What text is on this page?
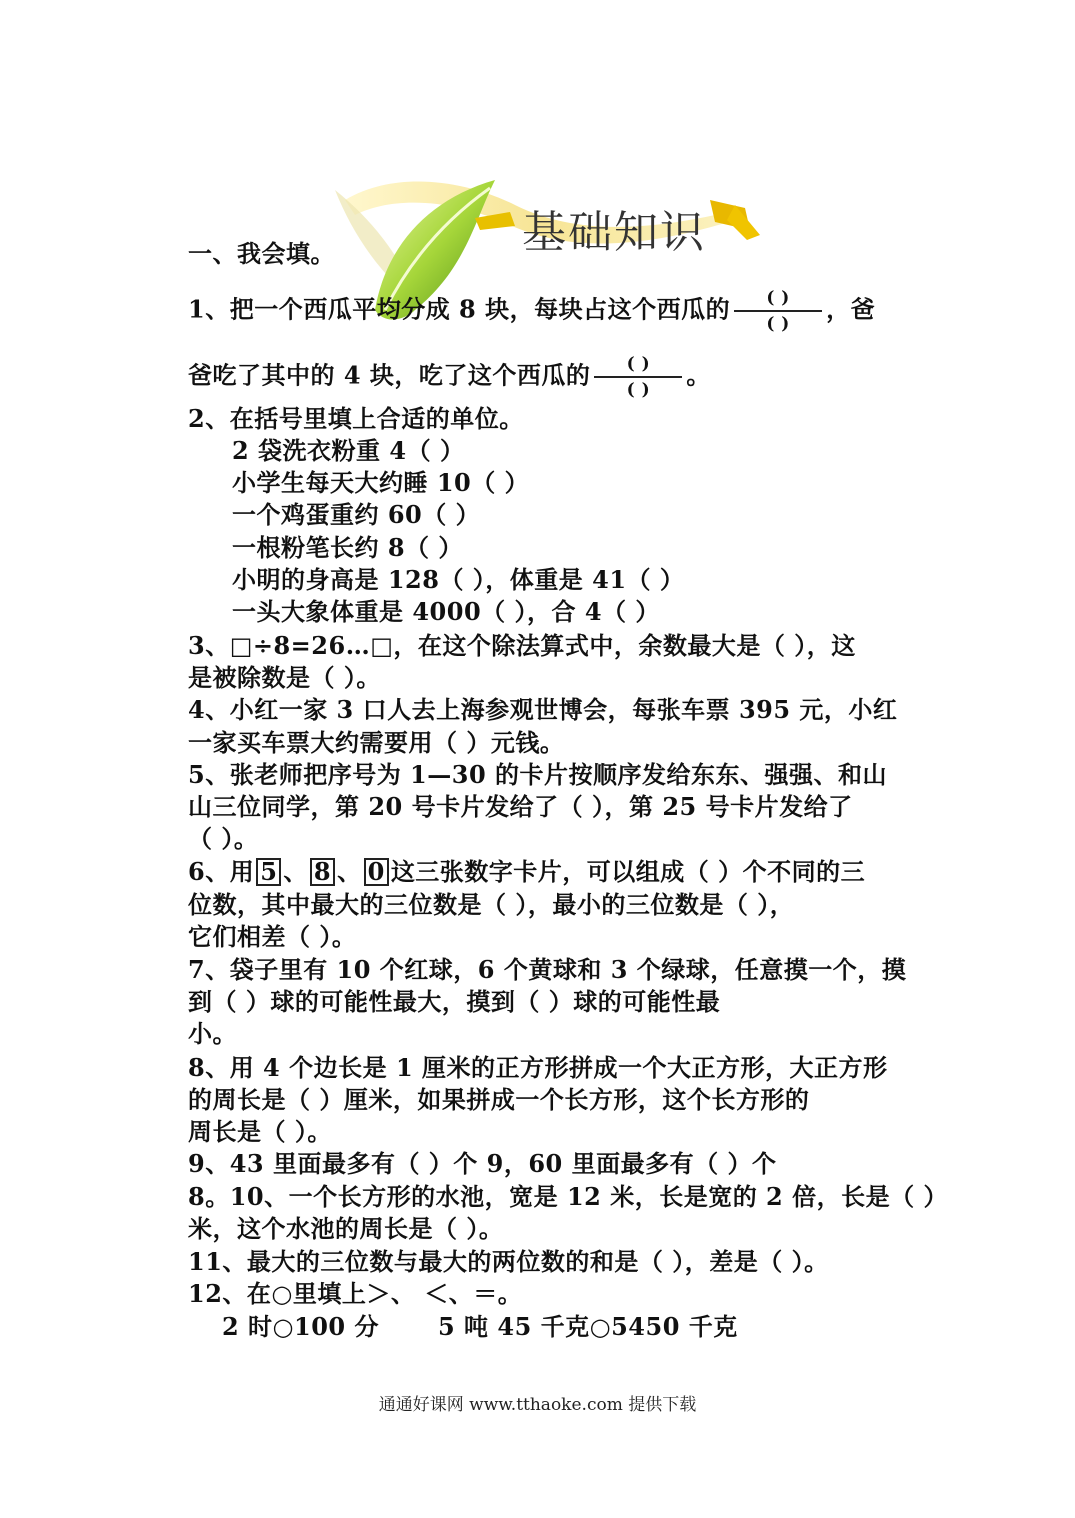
基础知识
一、我会填。
1、把一个西瓜平均分成 8 块，每块占这个西瓜的 $\frac{( )}{( )}$ ，爸
爸吃了其中的 4 块，吃了这个西瓜的 $\frac{( )}{( )}$ 。
2、在括号里填上合适的单位。
2 袋洗衣粉重 4（ ）
小学生每天大约睡 10（ ）
一个鸡蛋重约 60（ ）
一根粉笔长约 8（ ）
小明的身高是 128（ ），体重是 41（ ）
一头大象体重是 4000（ ），合 4（ ）
3、□÷8=26…□，在这个除法算式中，余数最大是（ ），这
是被除数是（ ）。
4、小红一家 3 口人去上海参观世博会，每张车票 395 元，小红
一家买车票大约需要用（ ）元钱。
5、张老师把序号为 1—30 的卡片按顺序发给东东、强强、和山
山三位同学，第 20 号卡片发给了（ ），第 25 号卡片发给了
（ ）。
6、用 5 、 8 、 0 这三张数字卡片，可以组成（ ）个不同的三
位数，其中最大的三位数是（ ），最小的三位数是（ ），
它们相差（ ）。
7、袋子里有 10 个红球，6 个黄球和 3 个绿球，任意摸一个，摸
到（ ）球的可能性最大，摸到（ ）球的可能性最
小。
8、用 4 个边长是 1 厘米的正方形拼成一个大正方形，大正方形
的周长是（ ）厘米，如果拼成一个长方形，这个长方形的
周长是（ ）。
9、43 里面最多有（ ）个 9，60 里面最多有（ ）个
8。10、一个长方形的水池，宽是 12 米，长是宽的 2 倍，长是（ ）
米，这个水池的周长是（ ）。
11、最大的三位数与最大的两位数的和是（ ），差是（ ）。
12、在○里填上＞、 ＜、＝。
2 时○100 分 5 吨 45 千克○5450 千克
通通好课网 www.tthaoke.com 提供下载
